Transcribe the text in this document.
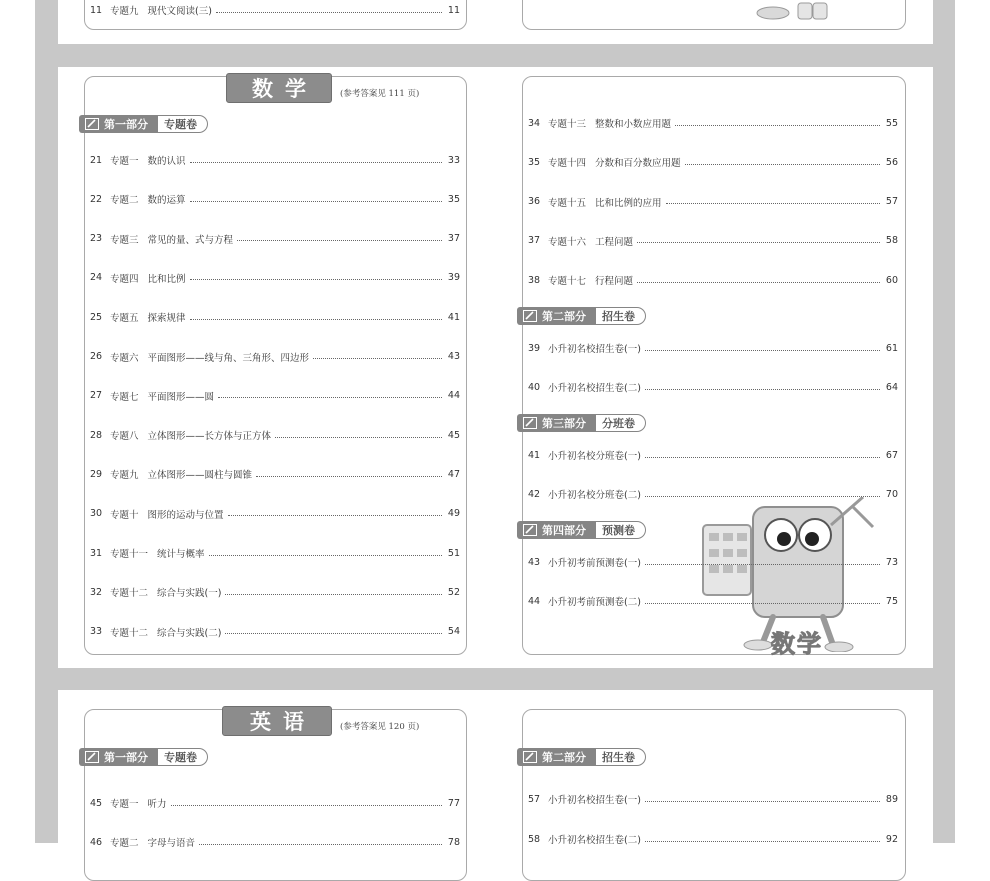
11 专题九 现代文阅读(三)	11
第一部分	专题卷
21 专题一 数的认识	33
22 专题二 数的运算	35
23 专题三 常见的量、式与方程	37
24 专题四 比和比例	39
25 专题五 探索规律	41
26 专题六 平面图形——线与角、三角形、四边形	43
27 专题七 平面图形——圆	44
28 专题八 立体图形——长方体与正方体	45
29 专题九 立体图形——圆柱与圆锥	47
30 专题十 图形的运动与位置	49
31 专题十一 统计与概率	51
32 专题十二 综合与实践(一)	52
33 专题十二 综合与实践(二)	54
数学	(参考答案见 111 页)
34 专题十三 整数和小数应用题	55
35 专题十四 分数和百分数应用题	56
36 专题十五 比和比例的应用	57
37 专题十六 工程问题	58
38 专题十七 行程问题	60
第二部分	招生卷
39 小升初名校招生卷(一)	61
40 小升初名校招生卷(二)	64
第三部分	分班卷
41 小升初名校分班卷(一)	67
42 小升初名校分班卷(二)	70
第四部分	预测卷
数学
43 小升初考前预测卷(一)	73
44 小升初考前预测卷(二)	75
第一部分	专题卷
45 专题一 听力	77
46 专题二 字母与语音	78
英语	(参考答案见 120 页)
第二部分	招生卷
57 小升初名校招生卷(一)	89
58 小升初名校招生卷(二)	92
